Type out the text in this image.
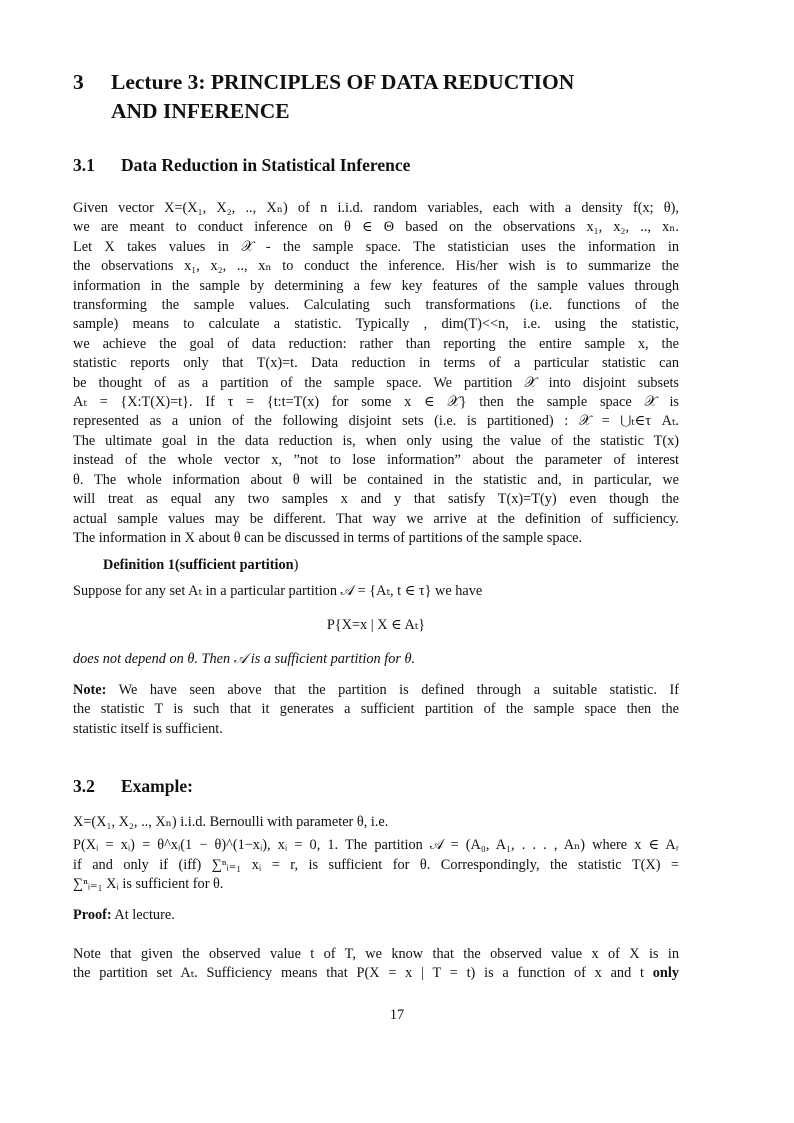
3 Lecture 3: PRINCIPLES OF DATA REDUCTION
AND INFERENCE
3.1 Data Reduction in Statistical Inference
Given vector X=(X₁, X₂, .., Xₙ) of n i.i.d. random variables, each with a density f(x; θ),
we are meant to conduct inference on θ ∈ Θ based on the observations x₁, x₂, .., xₙ.
Let X takes values in 𝒳 - the sample space. The statistician uses the information in
the observations x₁, x₂, .., xₙ to conduct the inference. His/her wish is to summarize the
information in the sample by determining a few key features of the sample values through
transforming the sample values. Calculating such transformations (i.e. functions of the
sample) means to calculate a statistic. Typically , dim(T)<<n, i.e. using the statistic,
we achieve the goal of data reduction: rather than reporting the entire sample x, the
statistic reports only that T(x)=t. Data reduction in terms of a particular statistic can
be thought of as a partition of the sample space. We partition 𝒳 into disjoint subsets
Aₜ = {X:T(X)=t}. If τ = {t:t=T(x) for some x ∈ 𝒳} then the sample space 𝒳 is
represented as a union of the following disjoint sets (i.e. is partitioned) : 𝒳 = ⋃ₜ∈τ Aₜ.
The ultimate goal in the data reduction is, when only using the value of the statistic T(x)
instead of the whole vector x, ”not to lose information” about the parameter of interest
θ. The whole information about θ will be contained in the statistic and, in particular, we
will treat as equal any two samples x and y that satisfy T(x)=T(y) even though the
actual sample values may be different. That way we arrive at the definition of sufficiency.
The information in X about θ can be discussed in terms of partitions of the sample space.
Definition 1(sufficient partition)
Suppose for any set Aₜ in a particular partition 𝒜 = {Aₜ, t ∈ τ} we have
P{X=x | X ∈ Aₜ}
does not depend on θ. Then 𝒜 is a sufficient partition for θ.
Note: We have seen above that the partition is defined through a suitable statistic. If
the statistic T is such that it generates a sufficient partition of the sample space then the
statistic itself is sufficient.
3.2 Example:
X=(X₁, X₂, .., Xₙ) i.i.d. Bernoulli with parameter θ, i.e.
P(Xᵢ = xᵢ) = θ^xᵢ(1 − θ)^(1−xᵢ), xᵢ = 0, 1. The partition 𝒜 = (A₀, A₁, . . . , Aₙ) where x ∈ Aᵣ
if and only if (iff) ∑ⁿᵢ₌₁ xᵢ = r, is sufficient for θ. Correspondingly, the statistic T(X) =
∑ⁿᵢ₌₁ Xᵢ is sufficient for θ.
Proof: At lecture.
Note that given the observed value t of T, we know that the observed value x of X is in
the partition set Aₜ. Sufficiency means that P(X = x | T = t) is a function of x and t only
17
